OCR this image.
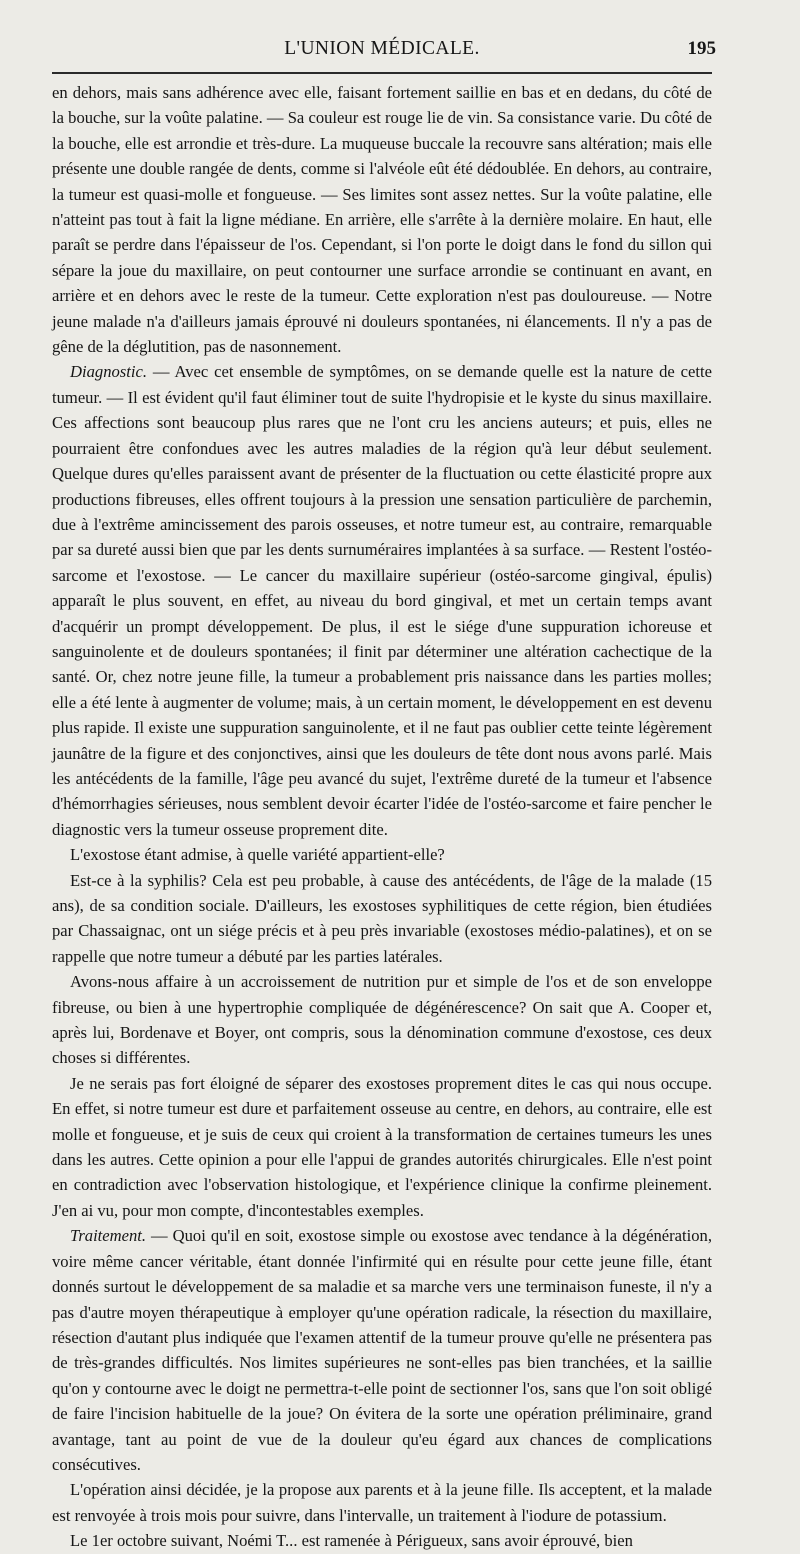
L'UNION MÉDICALE.	195

en dehors, mais sans adhérence avec elle, faisant fortement saillie en bas et en dedans, du côté de la bouche, sur la voûte palatine. — Sa couleur est rouge lie de vin. Sa consistance varie. Du côté de la bouche, elle est arrondie et très-dure. La muqueuse buccale la recouvre sans altération; mais elle présente une double rangée de dents, comme si l'alvéole eût été dédoublée. En dehors, au contraire, la tumeur est quasi-molle et fongueuse. — Ses limites sont assez nettes. Sur la voûte palatine, elle n'atteint pas tout à fait la ligne médiane. En arrière, elle s'arrête à la dernière molaire. En haut, elle paraît se perdre dans l'épaisseur de l'os. Cependant, si l'on porte le doigt dans le fond du sillon qui sépare la joue du maxillaire, on peut contourner une surface arrondie se continuant en avant, en arrière et en dehors avec le reste de la tumeur. Cette exploration n'est pas douloureuse. — Notre jeune malade n'a d'ailleurs jamais éprouvé ni douleurs spontanées, ni élancements. Il n'y a pas de gêne de la déglutition, pas de nasonnement.

Diagnostic. — Avec cet ensemble de symptômes, on se demande quelle est la nature de cette tumeur. — Il est évident qu'il faut éliminer tout de suite l'hydropisie et le kyste du sinus maxillaire. Ces affections sont beaucoup plus rares que ne l'ont cru les anciens auteurs; et puis, elles ne pourraient être confondues avec les autres maladies de la région qu'à leur début seulement. Quelque dures qu'elles paraissent avant de présenter de la fluctuation ou cette élasticité propre aux productions fibreuses, elles offrent toujours à la pression une sensation particulière de parchemin, due à l'extrême amincissement des parois osseuses, et notre tumeur est, au contraire, remarquable par sa dureté aussi bien que par les dents surnuméraires implantées à sa surface. — Restent l'ostéo-sarcome et l'exostose. — Le cancer du maxillaire supérieur (ostéo-sarcome gingival, épulis) apparaît le plus souvent, en effet, au niveau du bord gingival, et met un certain temps avant d'acquérir un prompt développement. De plus, il est le siége d'une suppuration ichoreuse et sanguinolente et de douleurs spontanées; il finit par déterminer une altération cachectique de la santé. Or, chez notre jeune fille, la tumeur a probablement pris naissance dans les parties molles; elle a été lente à augmenter de volume; mais, à un certain moment, le développement en est devenu plus rapide. Il existe une suppuration sanguinolente, et il ne faut pas oublier cette teinte légèrement jaunâtre de la figure et des conjonctives, ainsi que les douleurs de tête dont nous avons parlé. Mais les antécédents de la famille, l'âge peu avancé du sujet, l'extrême dureté de la tumeur et l'absence d'hémorrhagies sérieuses, nous semblent devoir écarter l'idée de l'ostéo-sarcome et faire pencher le diagnostic vers la tumeur osseuse proprement dite.

L'exostose étant admise, à quelle variété appartient-elle?

Est-ce à la syphilis? Cela est peu probable, à cause des antécédents, de l'âge de la malade (15 ans), de sa condition sociale. D'ailleurs, les exostoses syphilitiques de cette région, bien étudiées par Chassaignac, ont un siége précis et à peu près invariable (exostoses médio-palatines), et on se rappelle que notre tumeur a débuté par les parties latérales.

Avons-nous affaire à un accroissement de nutrition pur et simple de l'os et de son enveloppe fibreuse, ou bien à une hypertrophie compliquée de dégénérescence? On sait que A. Cooper et, après lui, Bordenave et Boyer, ont compris, sous la dénomination commune d'exostose, ces deux choses si différentes.

Je ne serais pas fort éloigné de séparer des exostoses proprement dites le cas qui nous occupe. En effet, si notre tumeur est dure et parfaitement osseuse au centre, en dehors, au contraire, elle est molle et fongueuse, et je suis de ceux qui croient à la transformation de certaines tumeurs les unes dans les autres. Cette opinion a pour elle l'appui de grandes autorités chirurgicales. Elle n'est point en contradiction avec l'observation histologique, et l'expérience clinique la confirme pleinement. J'en ai vu, pour mon compte, d'incontestables exemples.

Traitement. — Quoi qu'il en soit, exostose simple ou exostose avec tendance à la dégénération, voire même cancer véritable, étant donnée l'infirmité qui en résulte pour cette jeune fille, étant donnés surtout le développement de sa maladie et sa marche vers une terminaison funeste, il n'y a pas d'autre moyen thérapeutique à employer qu'une opération radicale, la résection du maxillaire, résection d'autant plus indiquée que l'examen attentif de la tumeur prouve qu'elle ne présentera pas de très-grandes difficultés. Nos limites supérieures ne sont-elles pas bien tranchées, et la saillie qu'on y contourne avec le doigt ne permettra-t-elle point de sectionner l'os, sans que l'on soit obligé de faire l'incision habituelle de la joue? On évitera de la sorte une opération préliminaire, grand avantage, tant au point de vue de la douleur qu'eu égard aux chances de complications consécutives.

L'opération ainsi décidée, je la propose aux parents et à la jeune fille. Ils acceptent, et la malade est renvoyée à trois mois pour suivre, dans l'intervalle, un traitement à l'iodure de potassium.

Le 1er octobre suivant, Noémi T... est ramenée à Périgueux, sans avoir éprouvé, bien
